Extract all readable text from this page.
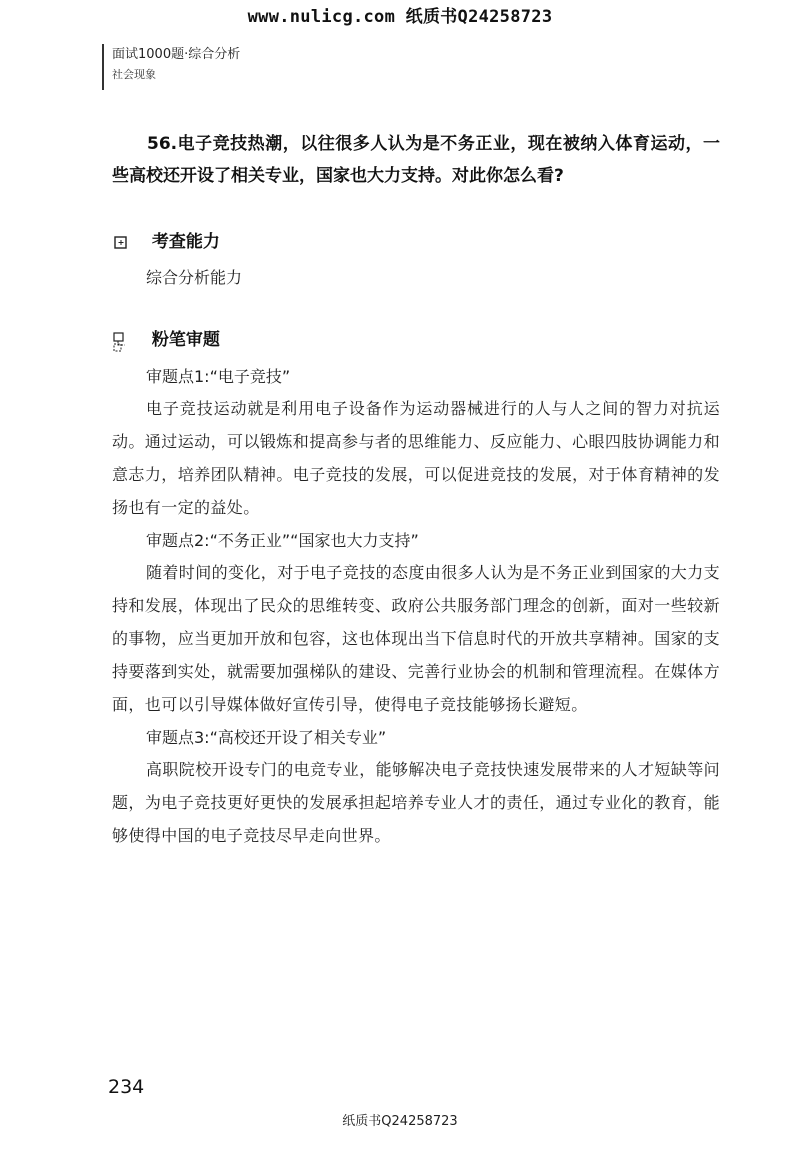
www.nulicg.com 纸质书Q24258723
面试1000题·综合分析
社会现象
56.电子竞技热潮，以往很多人认为是不务正业，现在被纳入体育运动，一些高校还开设了相关专业，国家也大力支持。对此你怎么看?
考查能力
综合分析能力
粉笔审题

审题点1:“电子竞技”

电子竞技运动就是利用电子设备作为运动器械进行的人与人之间的智力对抗运动。通过运动，可以锻炼和提高参与者的思维能力、反应能力、心眼四肢协调能力和意志力，培养团队精神。电子竞技的发展，可以促进竞技的发展，对于体育精神的发扬也有一定的益处。

审题点2:“不务正业”“国家也大力支持”

随着时间的变化，对于电子竞技的态度由很多人认为是不务正业到国家的大力支持和发展，体现出了民众的思维转变、政府公共服务部门理念的创新，面对一些较新的事物，应当更加开放和包容，这也体现出当下信息时代的开放共享精神。国家的支持要落到实处，就需要加强梯队的建设、完善行业协会的机制和管理流程。在媒体方面，也可以引导媒体做好宣传引导，使得电子竞技能够扬长避短。

审题点3:“高校还开设了相关专业”

高职院校开设专门的电竞专业，能够解决电子竞技快速发展带来的人才短缺等问题，为电子竞技更好更快的发展承担起培养专业人才的责任，通过专业化的教育，能够使得中国的电子竞技尽早走向世界。

234
纸质书Q24258723
